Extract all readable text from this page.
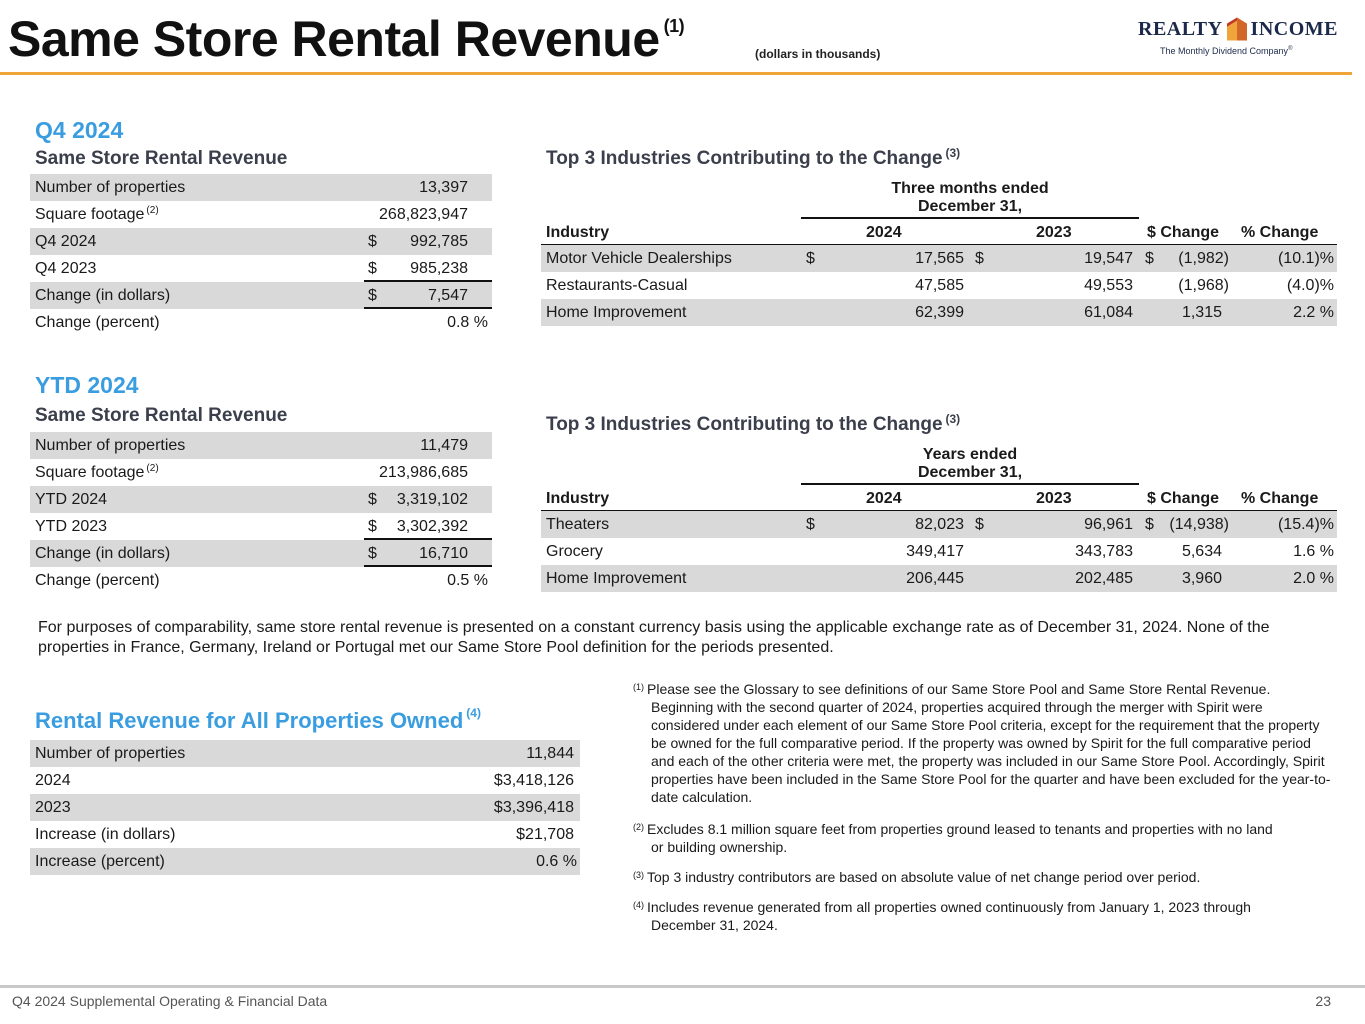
Same Store Rental Revenue $^{(1)}$
(dollars in thousands)
REALTY INCOME
The Monthly Dividend Company®
Q4 2024
Same Store Rental Revenue
Number of properties	13,397
Square footage $^{(2)}$	268,823,947
Q4 2024	$ 992,785
Q4 2023	$ 985,238
Change (in dollars)	$	7,547
Change (percent)	0.8 %
YTD 2024
Same Store Rental Revenue
Number of properties	11,479
Square footage $^{(2)}$	213,986,685
YTD 2024	$ 3,319,102
YTD 2023	$ 3,302,392
Change (in dollars)	$	16,710
Change (percent)	0.5 %
Top 3 Industries Contributing to the Change $^{(3)}$
Three months ended
December 31,
Industry	2024	2023	$ Change % Change
Motor Vehicle Dealerships	$	17,565 $	19,547 $ (1,982)	(10.1)%
Restaurants-Casual	47,585	49,553	(1,968)	(4.0)%
Home Improvement	62,399	61,084	1,315	2.2 %
Top 3 Industries Contributing to the Change $^{(3)}$
Years ended
December 31,
Industry	2024	2023	$ Change % Change
Theaters	$	82,023 $	96,961 $ (14,938)	(15.4)%
Grocery	349,417	343,783	5,634	1.6 %
Home Improvement	206,445	202,485	3,960	2.0 %
For purposes of comparability, same store rental revenue is presented on a constant currency basis using the applicable exchange rate as of December 31, 2024. None of the properties in France, Germany, Ireland or Portugal met our Same Store Pool definition for the periods presented.
Rental Revenue for All Properties Owned $^{(4)}$
Number of properties	11,844
2024	$3,418,126
2023	$3,396,418
Increase (in dollars)	$21,708
Increase (percent)	0.6 %
$^{(1)}$ Please see the Glossary to see definitions of our Same Store Pool and Same Store Rental Revenue.
Beginning with the second quarter of 2024, properties acquired through the merger with Spirit were considered under each element of our Same Store Pool criteria, except for the requirement that the property be owned for the full comparative period. If the property was owned by Spirit for the full comparative period and each of the other criteria were met, the property was included in our Same Store Pool. Accordingly, Spirit properties have been included in the Same Store Pool for the quarter and have been excluded for the year-to-date calculation.
$^{(2)}$ Excludes 8.1 million square feet from properties ground leased to tenants and properties with no land
or building ownership.
$^{(3)}$ Top 3 industry contributors are based on absolute value of net change period over period.
$^{(4)}$ Includes revenue generated from all properties owned continuously from January 1, 2023 through
December 31, 2024.
Q4 2024 Supplemental Operating & Financial Data	23
